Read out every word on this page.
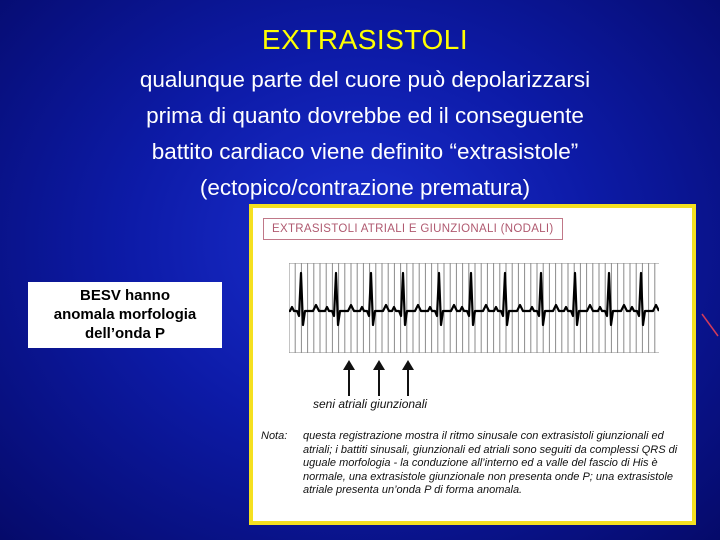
EXTRASISTOLI
qualunque parte del cuore può depolarizzarsi
prima di quanto dovrebbe ed il conseguente
battito cardiaco viene definito “extrasistole”
(ectopico/contrazione prematura)
BESV hanno
anomala morfologia
dell’onda P
EXTRASISTOLI ATRIALI E GIUNZIONALI (NODALI)
seni atriali giunzionali
Nota: questa registrazione mostra il ritmo sinusale con extrasistoli giunzionali ed atriali; i battiti sinusali, giunzionali ed atriali sono seguiti da complessi QRS di uguale morfologia - la conduzione all’interno ed a valle del fascio di His è normale, una extrasistole giunzionale non presenta onde P; una extrasistole atriale presenta un’onda P di forma anomala.
